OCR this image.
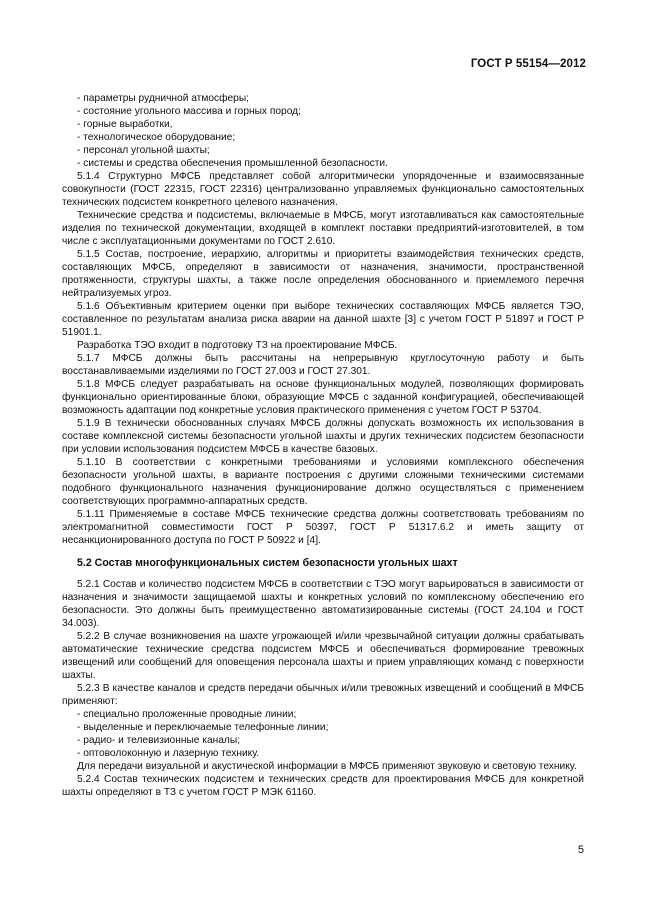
ГОСТ Р 55154—2012

- параметры рудничной атмосферы;

- состояние угольного массива и горных пород;

- горные выработки,

- технологическое оборудование;

- персонал угольной шахты;

- системы и средства обеспечения промышленной безопасности.

5.1.4 Структурно МФСБ представляет собой алгоритмически упорядоченные и взаимосвязанные совокупности (ГОСТ 22315, ГОСТ 22316) централизованно управляемых функционально самостоятельных технических подсистем конкретного целевого назначения.

Технические средства и подсистемы, включаемые в МФСБ, могут изготавливаться как самостоятельные изделия по технической документации, входящей в комплект поставки предприятий-изготовителей, в том числе с эксплуатационными документами по ГОСТ 2.610.

5.1.5 Состав, построение, иерархию, алгоритмы и приоритеты взаимодействия технических средств, составляющих МФСБ, определяют в зависимости от назначения, значимости, пространственной протяженности, структуры шахты, а также после определения обоснованного и приемлемого перечня нейтрализуемых угроз.

5.1.6 Объективным критерием оценки при выборе технических составляющих МФСБ является ТЭО, составленное по результатам анализа риска аварии на данной шахте [3] с учетом ГОСТ Р 51897 и ГОСТ Р 51901.1.

Разработка ТЭО входит в подготовку ТЗ на проектирование МФСБ.

5.1.7 МФСБ должны быть рассчитаны на непрерывную круглосуточную работу и быть восстанавливаемыми изделиями по ГОСТ 27.003 и ГОСТ 27.301.

5.1.8 МФСБ следует разрабатывать на основе функциональных модулей, позволяющих формировать функционально ориентированные блоки, образующие МФСБ с заданной конфигурацией, обеспечивающей возможность адаптации под конкретные условия практического применения с учетом ГОСТ Р 53704.

5.1.9 В технически обоснованных случаях МФСБ должны допускать возможность их использования в составе комплексной системы безопасности угольной шахты и других технических подсистем безопасности при условии использования подсистем МФСБ в качестве базовых.

5.1.10 В соответствии с конкретными требованиями и условиями комплексного обеспечения безопасности угольной шахты, в варианте построения с другими сложными техническими системами подобного функционального назначения функционирование должно осуществляться с применением соответствующих программно-аппаратных средств.

5.1.11 Применяемые в составе МФСБ технические средства должны соответствовать требованиям по электромагнитной совместимости ГОСТ Р 50397, ГОСТ Р 51317.6.2 и иметь защиту от несанкционированного доступа по ГОСТ Р 50922 и [4].

5.2 Состав многофункциональных систем безопасности угольных шахт

5.2.1 Состав и количество подсистем МФСБ в соответствии с ТЭО могут варьироваться в зависимости от назначения и значимости защищаемой шахты и конкретных условий по комплексному обеспечению его безопасности. Это должны быть преимущественно автоматизированные системы (ГОСТ 24.104 и ГОСТ 34.003).

5.2.2 В случае возникновения на шахте угрожающей и/или чрезвычайной ситуации должны срабатывать автоматические технические средства подсистем МФСБ и обеспечиваться формирование тревожных извещений или сообщений для оповещения персонала шахты и прием управляющих команд с поверхности шахты.

5.2.3 В качестве каналов и средств передачи обычных и/или тревожных извещений и сообщений в МФСБ применяют:

- специально проложенные проводные линии;

- выделенные и переключаемые телефонные линии;

- радио- и телевизионные каналы;

- оптоволоконную и лазерную технику.

Для передачи визуальной и акустической информации в МФСБ применяют звуковую и световую технику.

5.2.4 Состав технических подсистем и технических средств для проектирования МФСБ для конкретной шахты определяют в ТЗ с учетом ГОСТ Р МЭК 61160.

5
